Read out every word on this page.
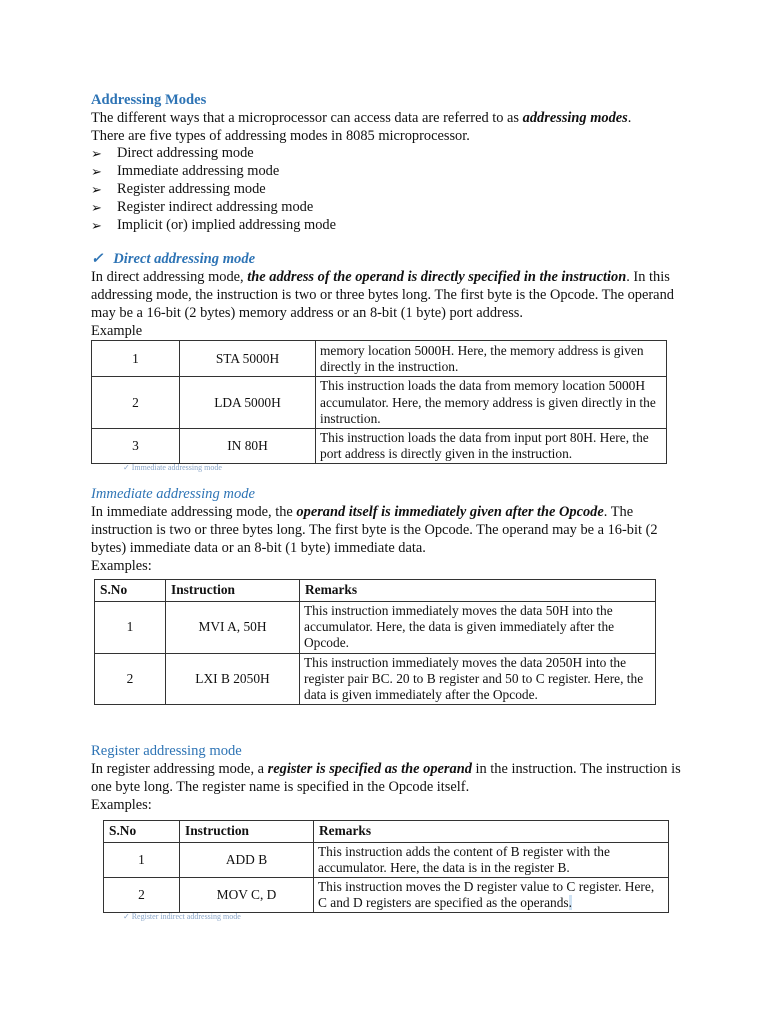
Addressing Modes

The different ways that a microprocessor can access data are referred to as addressing modes.

There are five types of addressing modes in 8085 microprocessor.

➢ Direct addressing mode
➢ Immediate addressing mode
➢ Register addressing mode
➢ Register indirect addressing mode
➢ Implicit (or) implied addressing mode
✓ Direct addressing mode

In direct addressing mode, the address of the operand is directly specified in the instruction. In this addressing mode, the instruction is two or three bytes long. The first byte is the Opcode. The operand may be a 16-bit (2 bytes) memory address or an 8-bit (1 byte) port address.

Example
1	STA 5000H	memory location 5000H. Here, the memory address is given directly in the instruction.
2	LDA 5000H	This instruction loads the data from memory location 5000H accumulator. Here, the memory address is given directly in the instruction.
3	IN 80H	This instruction loads the data from input port 80H. Here, the port address is directly given in the instruction.
✓ Immediate addressing mode
Immediate addressing mode

In immediate addressing mode, the operand itself is immediately given after the Opcode. The instruction is two or three bytes long. The first byte is the Opcode. The operand may be a 16-bit (2 bytes) immediate data or an 8-bit (1 byte) immediate data.

Examples:
S.No	Instruction	Remarks
1	MVI A, 50H	This instruction immediately moves the data 50H into the accumulator. Here, the data is given immediately after the Opcode.
2	LXI B 2050H	This instruction immediately moves the data 2050H into the register pair BC. 20 to B register and 50 to C register. Here, the data is given immediately after the Opcode.
Register addressing mode

In register addressing mode, a register is specified as the operand in the instruction. The instruction is one byte long. The register name is specified in the Opcode itself.

Examples:
S.No	Instruction	Remarks
1	ADD B	This instruction adds the content of B register with the accumulator. Here, the data is in the register B.
2	MOV C, D	This instruction moves the D register value to C register. Here, C and D registers are specified as the operands.
✓ Register indirect addressing mode
